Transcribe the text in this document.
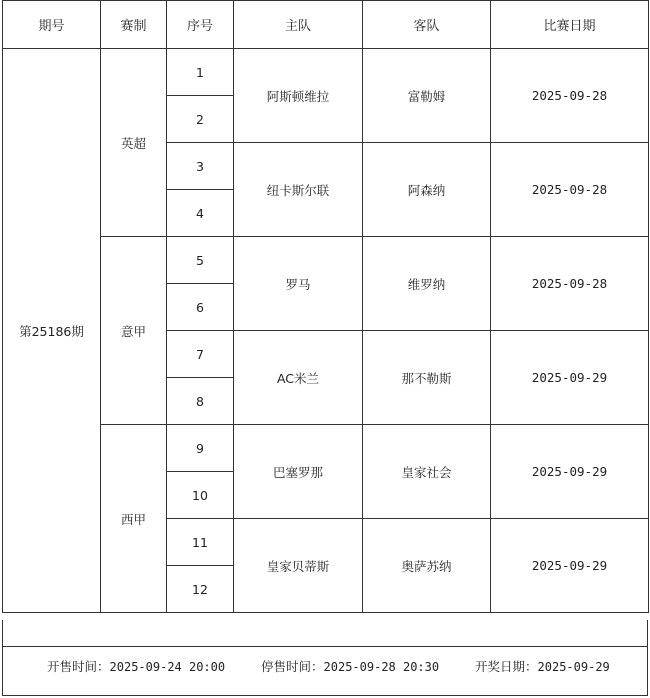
期号	赛制	序号	主队	客队	比赛日期
第25186期	英超	1	阿斯顿维拉	富勒姆	2025-09-28
		2			
		3	纽卡斯尔联	阿森纳	2025-09-28
		4			
	意甲	5	罗马	维罗纳	2025-09-28
		6			
		7	AC米兰	那不勒斯	2025-09-29
		8			
	西甲	9	巴塞罗那	皇家社会	2025-09-29
		10			
		11	皇家贝蒂斯	奥萨苏纳	2025-09-29
		12			
开售时间：2025-09-24 20:00	停售时间：2025-09-28 20:30	开奖日期：2025-09-29
